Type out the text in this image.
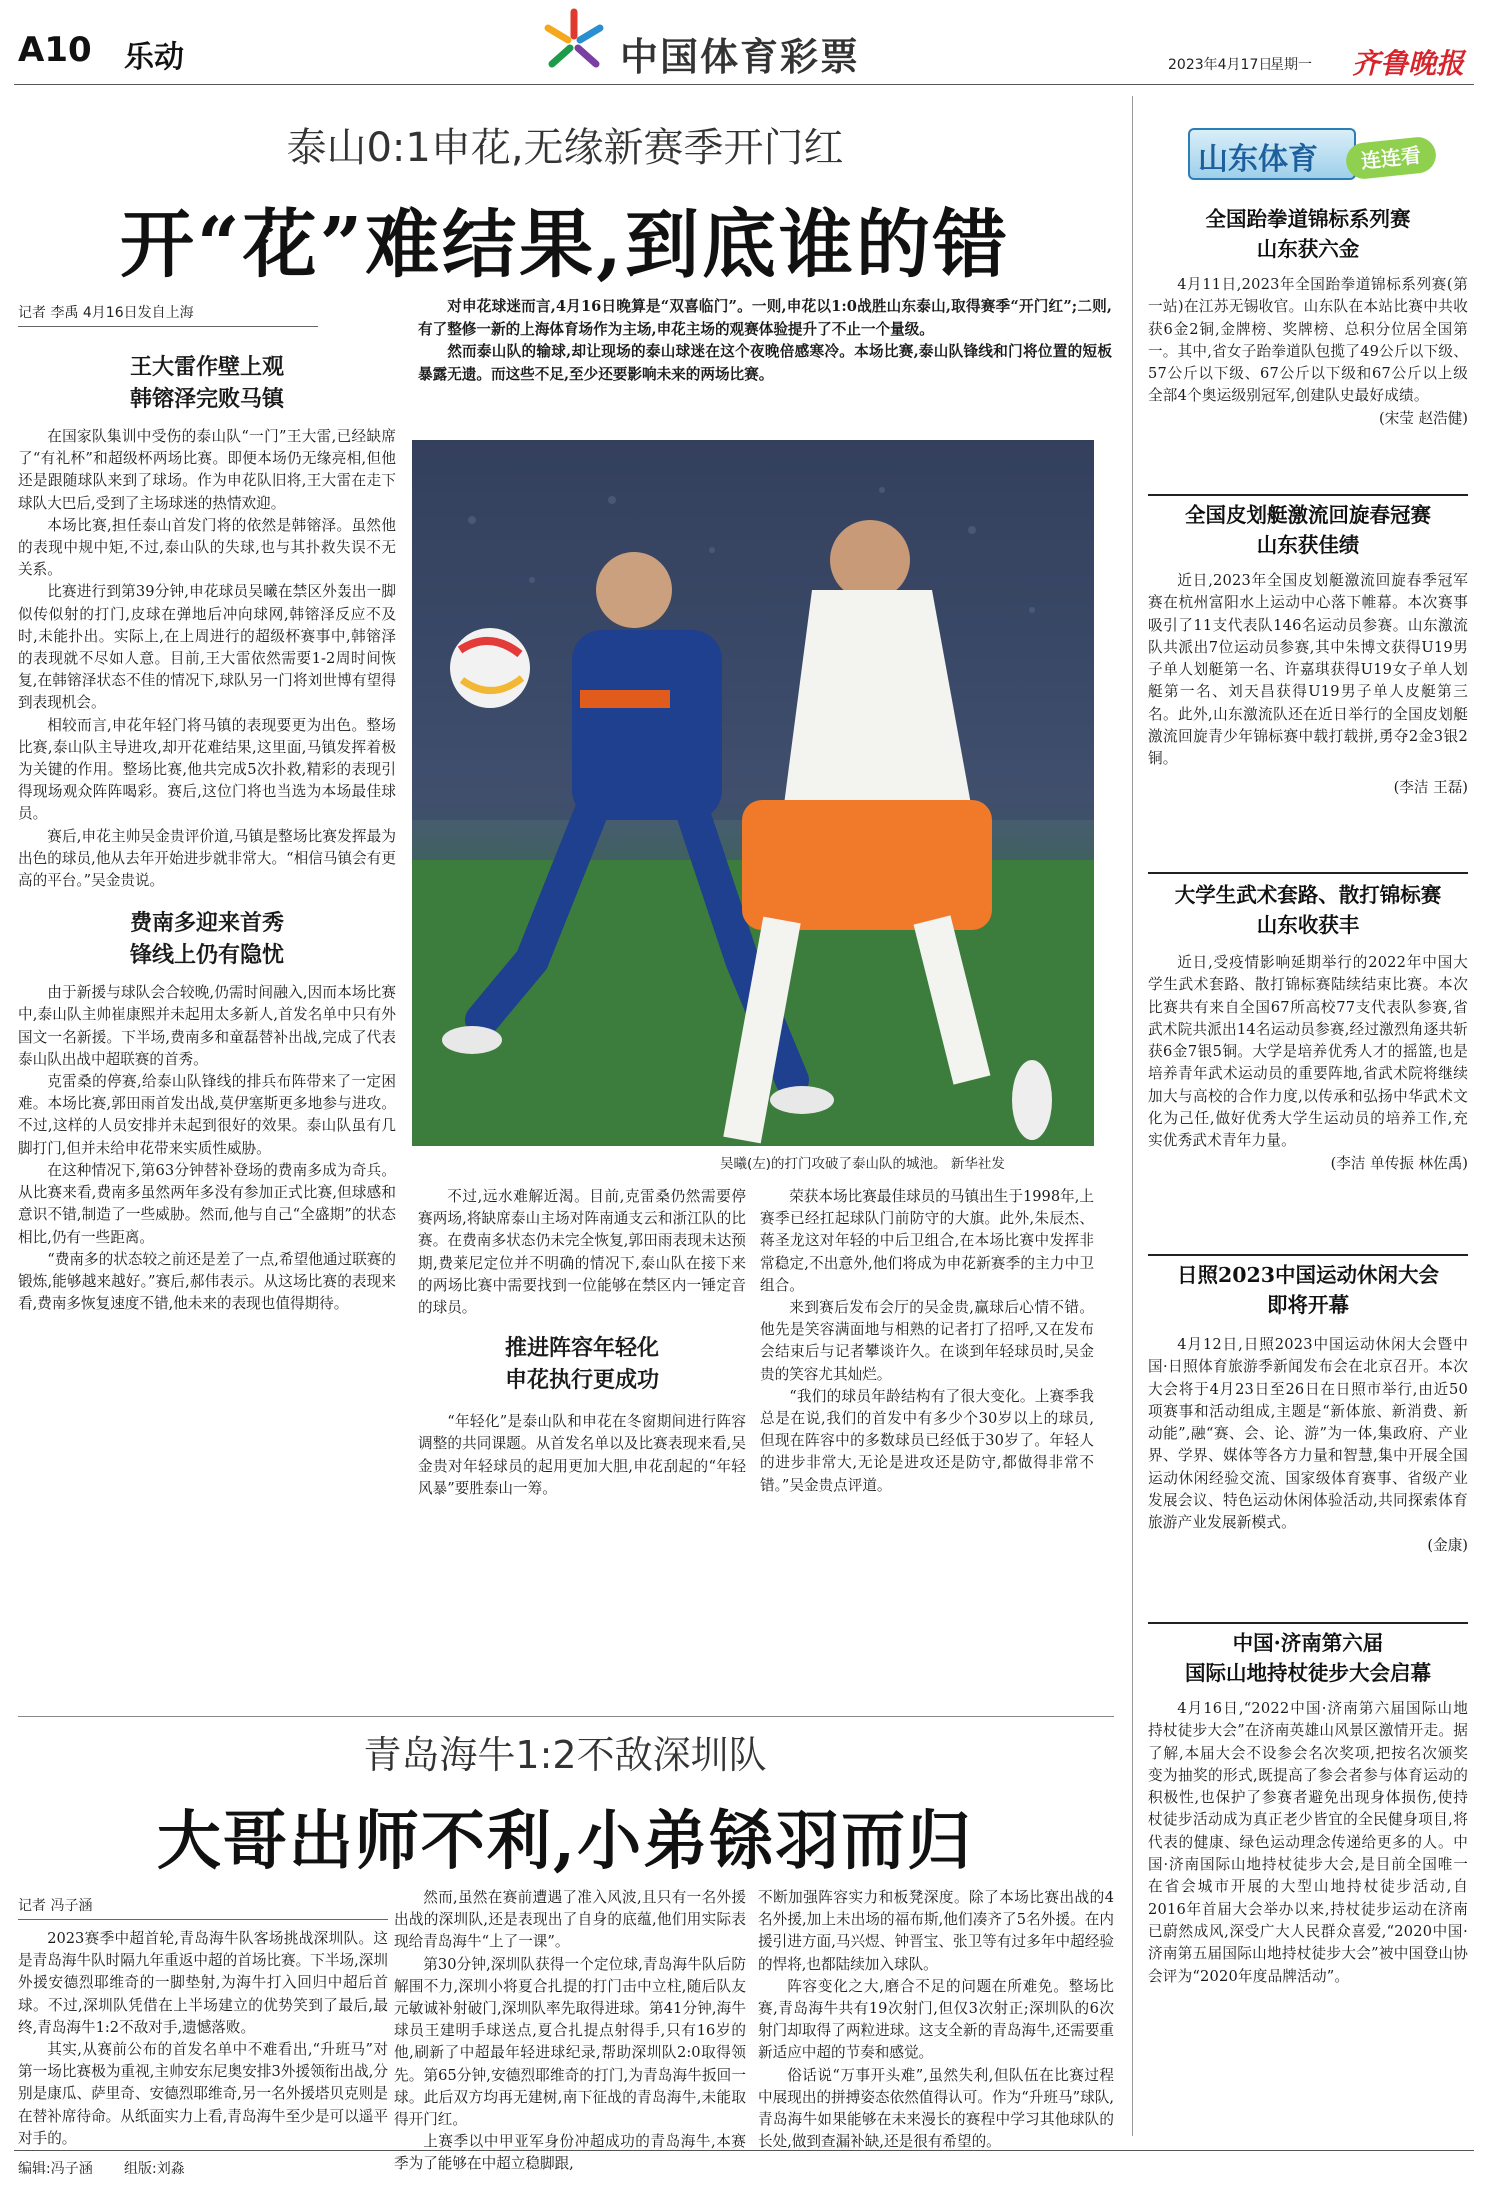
A10 乐动	中国体育彩票	2023年4月17日
星期一 齐鲁晚报
泰山0:1申花,无缘新赛季开门红
开“花”难结果,到底谁的错
记者 李禹 4月16日发自上海	对申花球迷而言,4月16日晚算是“双喜临门”。一则,申花以1:0战胜山东泰山,取得赛季“开门红”;二则,有了整修一新的上海体育场作为主场,申花主场的观赛体验提升了不止一个量级。

然而泰山队的输球,却让现场的泰山球迷在这个夜晚倍感寒冷。本场比赛,泰山队锋线和门将位置的短板暴露无遗。而这些不足,至少还要影响未来的两场比赛。

王大雷作壁上观
韩镕泽完败马镇

在国家队集训中受伤的泰山队“一门”王大雷,已经缺席了“有礼杯”和超级杯两场比赛。即便本场仍无缘亮相,但他还是跟随球队来到了球场。作为申花队旧将,王大雷在走下球队大巴后,受到了主场球迷的热情欢迎。

本场比赛,担任泰山首发门将的依然是韩镕泽。虽然他的表现中规中矩,不过,泰山队的失球,也与其扑救失误不无关系。

比赛进行到第39分钟,申花球员吴曦在禁区外轰出一脚似传似射的打门,皮球在弹地后冲向球网,韩镕泽反应不及时,未能扑出。实际上,在上周进行的超级杯赛事中,韩镕泽的表现就不尽如人意。目前,王大雷依然需要1-2周时间恢复,在韩镕泽状态不佳的情况下,球队另一门将刘世博有望得到表现机会。

相较而言,申花年轻门将马镇的表现要更为出色。整场比赛,泰山队主导进攻,却开花难结果,这里面,马镇发挥着极为关键的作用。整场比赛,他共完成5次扑救,精彩的表现引得现场观众阵阵喝彩。赛后,这位门将也当选为本场最佳球员。

赛后,申花主帅吴金贵评价道,马镇是整场比赛发挥最为出色的球员,他从去年开始进步就非常大。“相信马镇会有更高的平台。”吴金贵说。

费南多迎来首秀
锋线上仍有隐忧

由于新援与球队会合较晚,仍需时间融入,因而本场比赛中,泰山队主帅崔康熙并未起用太多新人,首发名单中只有外国文一名新援。下半场,费南多和童磊替补出战,完成了代表泰山队出战中超联赛的首秀。

克雷桑的停赛,给泰山队锋线的排兵布阵带来了一定困难。本场比赛,郭田雨首发出战,莫伊塞斯更多地参与进攻。不过,这样的人员安排并未起到很好的效果。泰山队虽有几脚打门,但并未给申花带来实质性威胁。

在这种情况下,第63分钟替补登场的费南多成为奇兵。从比赛来看,费南多虽然两年多没有参加正式比赛,但球感和意识不错,制造了一些威胁。然而,他与自己“全盛期”的状态相比,仍有一些距离。

“费南多的状态较之前还是差了一点,希望他通过联赛的锻炼,能够越来越好。”赛后,郝伟表示。从这场比赛的表现来看,费南多恢复速度不错,他未来的表现也值得期待。

吴曦(左)的打门攻破了泰山队的城池。 新华社发

不过,远水难解近渴。目前,克雷桑仍然需要停赛两场,将缺席泰山主场对阵南通支云和浙江队的比赛。在费南多状态仍未完全恢复,郭田雨表现未达预期,费莱尼定位并不明确的情况下,泰山队在接下来的两场比赛中需要找到一位能够在禁区内一锤定音的球员。

推进阵容年轻化
申花执行更成功

“年轻化”是泰山队和申花在冬窗期间进行阵容调整的共同课题。从首发名单以及比赛表现来看,吴金贵对年轻球员的起用更加大胆,申花刮起的“年轻风暴”要胜泰山一筹。

荣获本场比赛最佳球员的马镇出生于1998年,上赛季已经扛起球队门前防守的大旗。此外,朱辰杰、蒋圣龙这对年轻的中后卫组合,在本场比赛中发挥非常稳定,不出意外,他们将成为申花新赛季的主力中卫组合。

来到赛后发布会厅的吴金贵,赢球后心情不错。他先是笑容满面地与相熟的记者打了招呼,又在发布会结束后与记者攀谈许久。在谈到年轻球员时,吴金贵的笑容尤其灿烂。

“我们的球员年龄结构有了很大变化。上赛季我总是在说,我们的首发中有多少个30岁以上的球员,但现在阵容中的多数球员已经低于30岁了。年轻人的进步非常大,无论是进攻还是防守,都做得非常不错。”吴金贵点评道。

青岛海牛1:2不敌深圳队
大哥出师不利,小弟铩羽而归
记者 冯子涵

2023赛季中超首轮,青岛海牛队客场挑战深圳队。这是青岛海牛队时隔九年重返中超的首场比赛。下半场,深圳外援安德烈耶维奇的一脚垫射,为海牛打入回归中超后首球。不过,深圳队凭借在上半场建立的优势笑到了最后,最终,青岛海牛1:2不敌对手,遗憾落败。

其实,从赛前公布的首发名单中不难看出,“升班马”对第一场比赛极为重视,主帅安东尼奥安排3外援领衔出战,分别是康瓜、萨里奇、安德烈耶维奇,另一名外援塔贝克则是在替补席待命。从纸面实力上看,青岛海牛至少是可以遥平对手的。

然而,虽然在赛前遭遇了准入风波,且只有一名外援出战的深圳队,还是表现出了自身的底蕴,他们用实际表现给青岛海牛“上了一课”。

第30分钟,深圳队获得一个定位球,青岛海牛队后防解围不力,深圳小将夏合扎提的打门击中立柱,随后队友元敏诚补射破门,深圳队率先取得进球。第41分钟,海牛球员王建明手球送点,夏合扎提点射得手,只有16岁的他,刷新了中超最年轻进球纪录,帮助深圳队2:0取得领先。第65分钟,安德烈耶维奇的打门,为青岛海牛扳回一球。此后双方均再无建树,南下征战的青岛海牛,未能取得开门红。

上赛季以中甲亚军身份冲超成功的青岛海牛,本赛季为了能够在中超立稳脚跟,

不断加强阵容实力和板凳深度。除了本场比赛出战的4名外援,加上未出场的福布斯,他们凑齐了5名外援。在内援引进方面,马兴煜、钟晋宝、张卫等有过多年中超经验的悍将,也都陆续加入球队。

阵容变化之大,磨合不足的问题在所难免。整场比赛,青岛海牛共有19次射门,但仅3次射正;深圳队的6次射门却取得了两粒进球。这支全新的青岛海牛,还需要重新适应中超的节奏和感觉。

俗话说“万事开头难”,虽然失利,但队伍在比赛过程中展现出的拼搏姿态依然值得认可。作为“升班马”球队,青岛海牛如果能够在未来漫长的赛程中学习其他球队的长处,做到查漏补缺,还是很有希望的。

山东体育	连连看
全国跆拳道锦标系列赛
山东获六金

4月11日,2023年全国跆拳道锦标系列赛(第一站)在江苏无锡收官。山东队在本站比赛中共收获6金2铜,金牌榜、奖牌榜、总积分位居全国第一。其中,省女子跆拳道队包揽了49公斤以下级、57公斤以下级、67公斤以下级和67公斤以上级全部4个奥运级别冠军,创建队史最好成绩。

(宋莹 赵浩健)
全国皮划艇激流回旋春冠赛
山东获佳绩

近日,2023年全国皮划艇激流回旋春季冠军赛在杭州富阳水上运动中心落下帷幕。本次赛事吸引了11支代表队146名运动员参赛。山东激流队共派出7位运动员参赛,其中朱博文获得U19男子单人划艇第一名、许嘉琪获得U19女子单人划艇第一名、刘天昌获得U19男子单人皮艇第三名。此外,山东激流队还在近日举行的全国皮划艇激流回旋青少年锦标赛中载打载拼,勇夺2金3银2铜。

(李洁 王磊)
大学生武术套路、散打锦标赛
山东收获丰

近日,受疫情影响延期举行的2022年中国大学生武术套路、散打锦标赛陆续结束比赛。本次比赛共有来自全国67所高校77支代表队参赛,省武术院共派出14名运动员参赛,经过激烈角逐共斩获6金7银5铜。大学是培养优秀人才的摇篮,也是培养青年武术运动员的重要阵地,省武术院将继续加大与高校的合作力度,以传承和弘扬中华武术文化为己任,做好优秀大学生运动员的培养工作,充实优秀武术青年力量。

(李洁 单传振 林佐禹)
日照2023中国运动休闲大会
即将开幕

4月12日,日照2023中国运动休闲大会暨中国·日照体育旅游季新闻发布会在北京召开。本次大会将于4月23日至26日在日照市举行,由近50项赛事和活动组成,主题是“新体旅、新消费、新动能”,融“赛、会、论、游”为一体,集政府、产业界、学界、媒体等各方力量和智慧,集中开展全国运动休闲经验交流、国家级体育赛事、省级产业发展会议、特色运动休闲体验活动,共同探索体育旅游产业发展新模式。

(金康)
中国·济南第六届
国际山地持杖徒步大会启幕

4月16日,“2022中国·济南第六届国际山地持杖徒步大会”在济南英雄山风景区激情开走。据了解,本届大会不设参会名次奖项,把按名次颁奖变为抽奖的形式,既提高了参会者参与体育运动的积极性,也保护了参赛者避免出现身体损伤,使持杖徒步活动成为真正老少皆宜的全民健身项目,将代表的健康、绿色运动理念传递给更多的人。中国·济南国际山地持杖徒步大会,是目前全国唯一在省会城市开展的大型山地持杖徒步活动,自2016年首届大会举办以来,持杖徒步运动在济南已蔚然成风,深受广大人民群众喜爱,“2020中国·济南第五届国际山地持杖徒步大会”被中国登山协会评为“2020年度品牌活动”。

编辑:冯子涵 组版:刘淼
